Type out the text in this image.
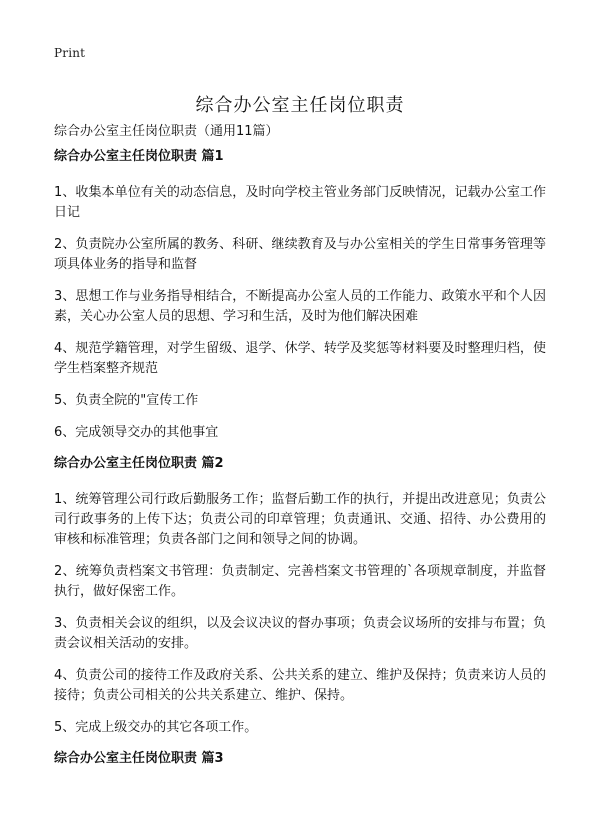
Print
综合办公室主任岗位职责
综合办公室主任岗位职责（通用11篇）
综合办公室主任岗位职责 篇1

1、收集本单位有关的动态信息，及时向学校主管业务部门反映情况，记载办公室工作日记

2、负责院办公室所属的教务、科研、继续教育及与办公室相关的学生日常事务管理等项具体业务的指导和监督

3、思想工作与业务指导相结合，不断提高办公室人员的工作能力、政策水平和个人因素，关心办公室人员的思想、学习和生活，及时为他们解决困难

4、规范学籍管理，对学生留级、退学、休学、转学及奖惩等材料要及时整理归档，使学生档案整齐规范

5、负责全院的"宣传工作

6、完成领导交办的其他事宜

综合办公室主任岗位职责 篇2

1、统筹管理公司行政后勤服务工作；监督后勤工作的执行，并提出改进意见；负责公司行政事务的上传下达；负责公司的印章管理；负责通讯、交通、招待、办公费用的审核和标准管理；负责各部门之间和领导之间的协调。

2、统筹负责档案文书管理：负责制定、完善档案文书管理的`各项规章制度，并监督执行，做好保密工作。

3、负责相关会议的组织，以及会议决议的督办事项；负责会议场所的安排与布置；负责会议相关活动的安排。

4、负责公司的接待工作及政府关系、公共关系的建立、维护及保持；负责来访人员的接待；负责公司相关的公共关系建立、维护、保持。

5、完成上级交办的其它各项工作。

综合办公室主任岗位职责 篇3
